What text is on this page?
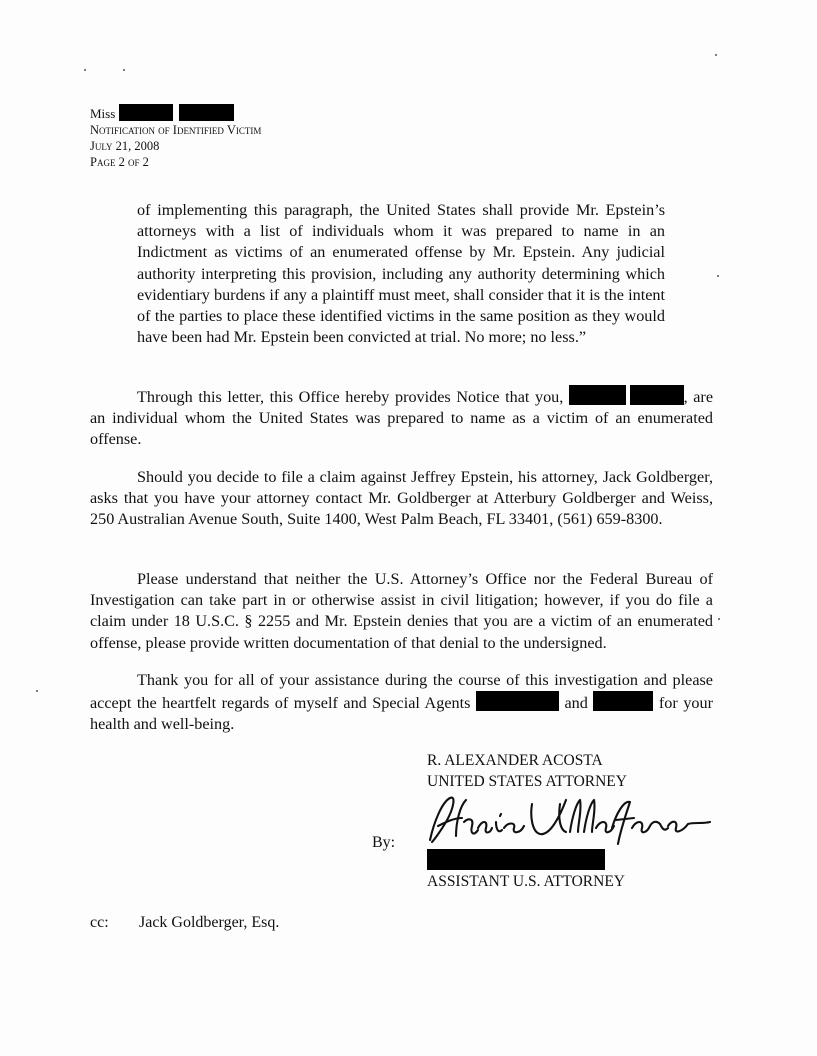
Miss
Notification of Identified Victim
July 21, 2008
Page 2 of 2
of implementing this paragraph, the United States shall provide Mr. Epstein’s attorneys with a list of individuals whom it was prepared to name in an Indictment as victims of an enumerated offense by Mr. Epstein. Any judicial authority interpreting this provision, including any authority determining which evidentiary burdens if any a plaintiff must meet, shall consider that it is the intent of the parties to place these identified victims in the same position as they would have been had Mr. Epstein been convicted at trial. No more; no less.”

Through this letter, this Office hereby provides Notice that you,	, are an individual whom the United States was prepared to name as a victim of an enumerated offense.

Should you decide to file a claim against Jeffrey Epstein, his attorney, Jack Goldberger, asks that you have your attorney contact Mr. Goldberger at Atterbury Goldberger and Weiss, 250 Australian Avenue South, Suite 1400, West Palm Beach, FL 33401, (561) 659-8300.

Please understand that neither the U.S. Attorney’s Office nor the Federal Bureau of Investigation can take part in or otherwise assist in civil litigation; however, if you do file a claim under 18 U.S.C. § 2255 and Mr. Epstein denies that you are a victim of an enumerated offense, please provide written documentation of that denial to the undersigned.

Thank you for all of your assistance during the course of this investigation and please accept the heartfelt regards of myself and Special Agents	and	for your health and well-being.

R. ALEXANDER ACOSTA
UNITED STATES ATTORNEY
By:
ASSISTANT U.S. ATTORNEY
cc: Jack Goldberger, Esq.
